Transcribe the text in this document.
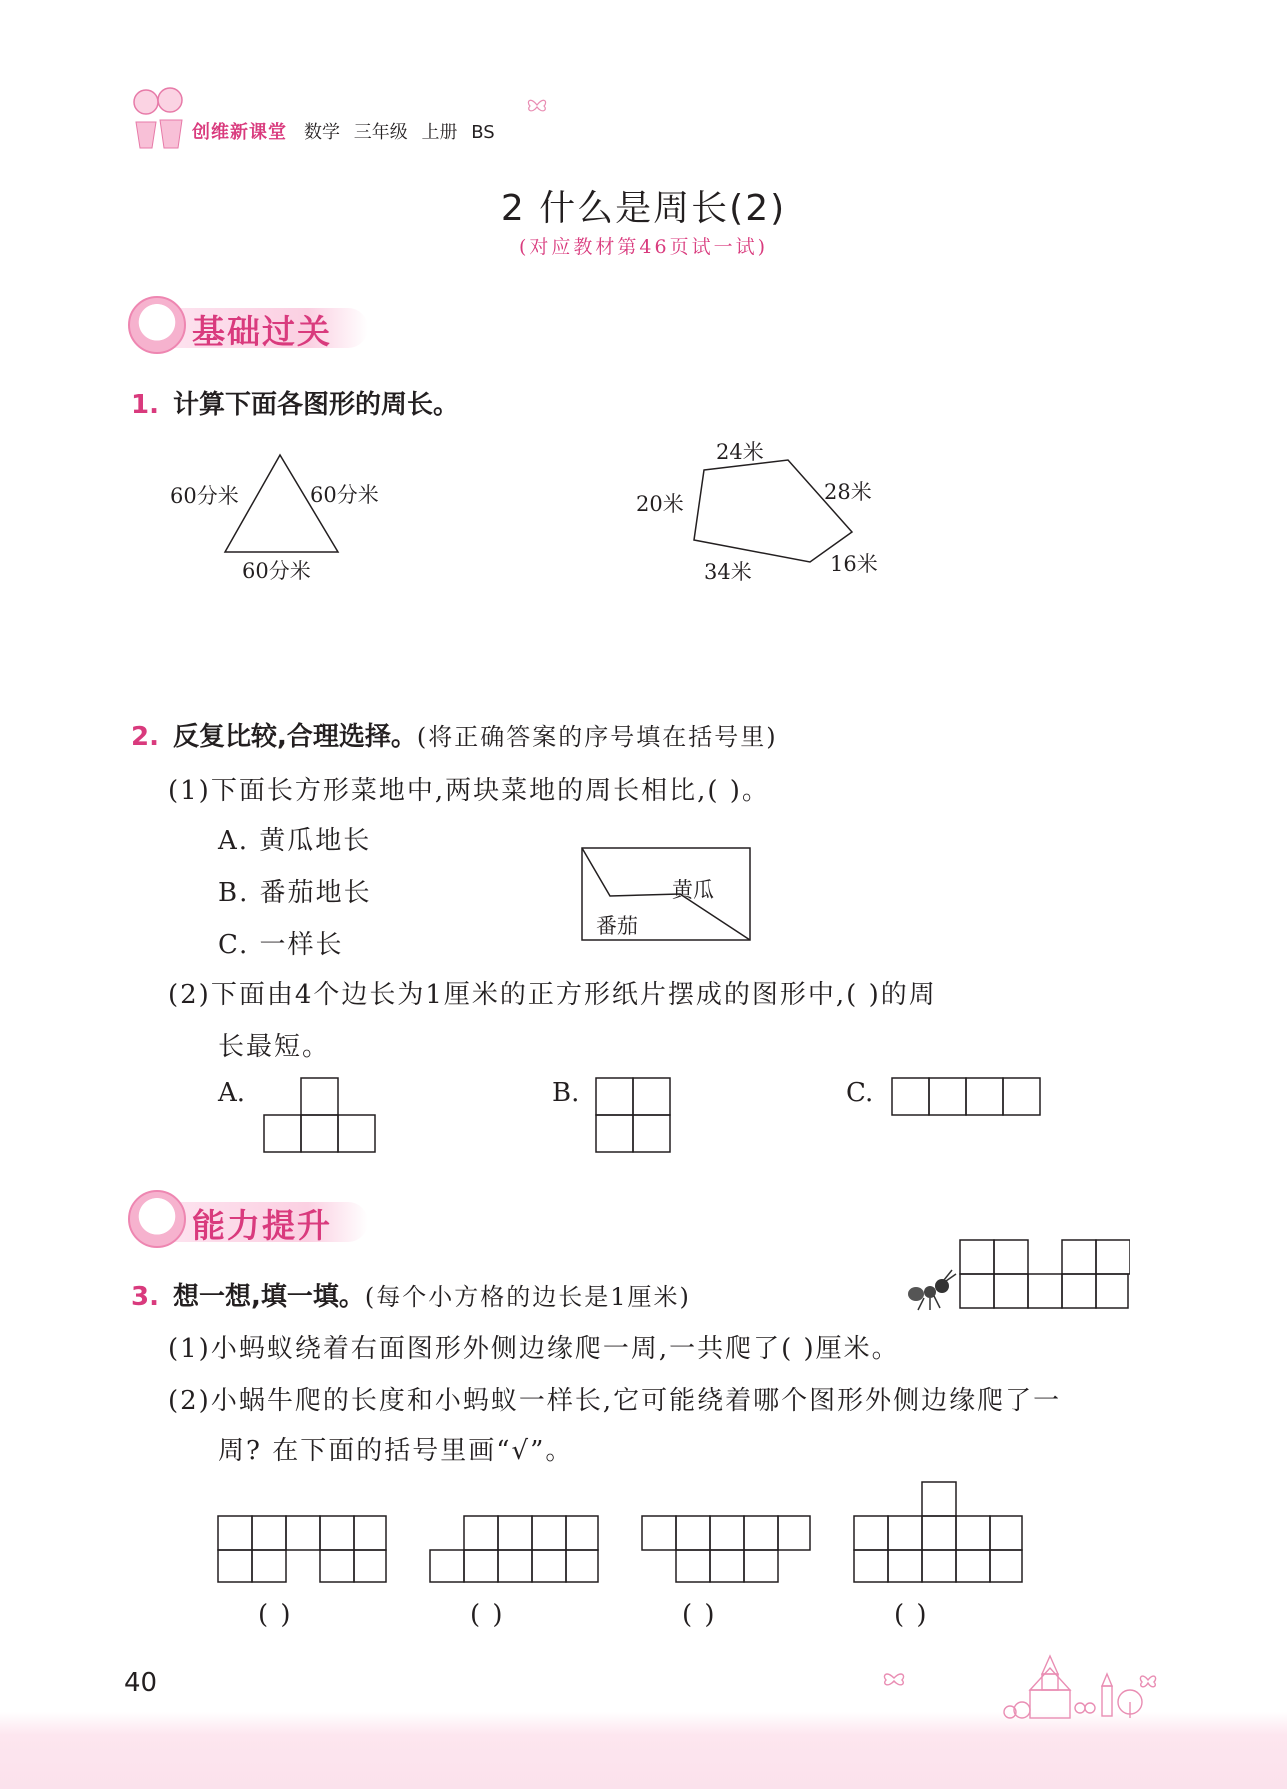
创维新课堂 数学 三年级 上册 BS
2 什么是周长(2)
(对应教材第46页试一试)
基础过关
1. 计算下面各图形的周长。
60分米	60分米
60分米
24米
20米	28米
16米
34米
2. 反复比较,合理选择。(将正确答案的序号填在括号里)
(1)下面长方形菜地中,两块菜地的周长相比,( )。
A. 黄瓜地长
B. 番茄地长
C. 一样长
黄瓜
番茄
(2)下面由4个边长为1厘米的正方形纸片摆成的图形中,( )的周
长最短。
A.	B.	C.
能力提升
3. 想一想,填一填。(每个小方格的边长是1厘米)
(1)小蚂蚁绕着右面图形外侧边缘爬一周,一共爬了( )厘米。
(2)小蜗牛爬的长度和小蚂蚁一样长,它可能绕着哪个图形外侧边缘爬了一
周? 在下面的括号里画“√”。
( )	( )	( )	( )
40
